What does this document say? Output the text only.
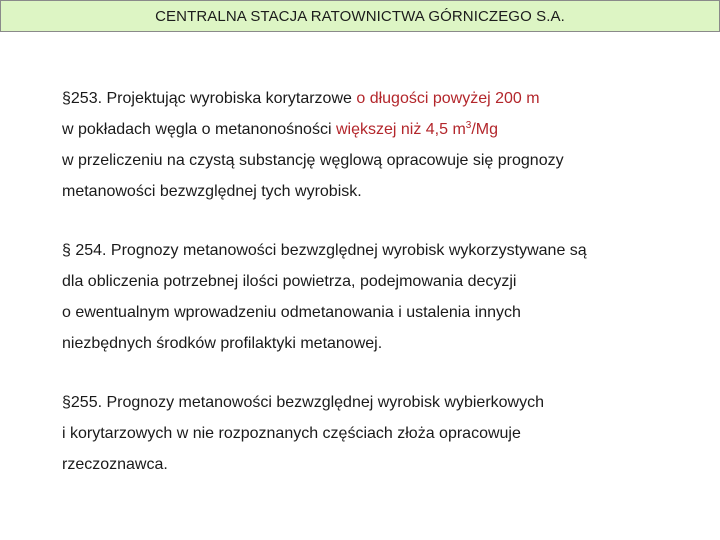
CENTRALNA STACJA RATOWNICTWA GÓRNICZEGO S.A.
§253. Projektując wyrobiska korytarzowe o długości powyżej 200 m
w pokładach węgla o metanonośności większej niż 4,5 $m^3/Mg$
w przeliczeniu na czystą substancję węglową opracowuje się prognozy
metanowości bezwzględnej tych wyrobisk.
§ 254. Prognozy metanowości bezwzględnej wyrobisk wykorzystywane są
dla obliczenia potrzebnej ilości powietrza, podejmowania decyzji
o ewentualnym wprowadzeniu odmetanowania i ustalenia innych
niezbędnych środków profilaktyki metanowej.
§255. Prognozy metanowości bezwzględnej wyrobisk wybierkowych
i korytarzowych w nie rozpoznanych częściach złoża opracowuje
rzeczoznawca.
